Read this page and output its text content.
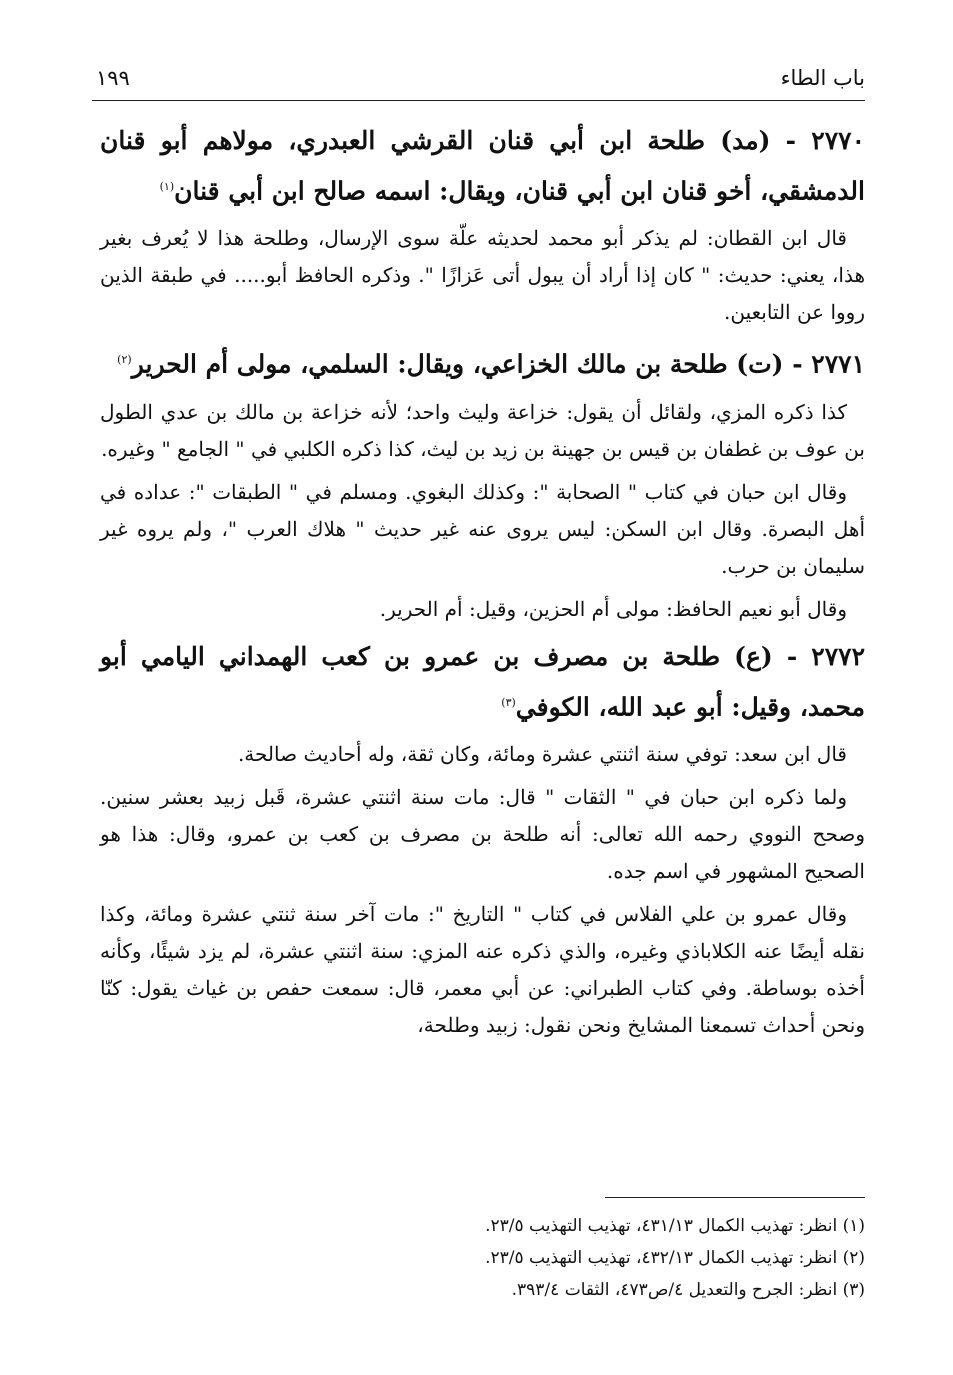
باب الطاء
١٩٩
٢٧٧٠ - (مد) طلحة ابن أبي قنان القرشي العبدري، مولاهم أبو قنان الدمشقي، أخو قنان ابن أبي قنان، ويقال: اسمه صالح ابن أبي قنان$^{(١)}$

قال ابن القطان: لم يذكر أبو محمد لحديثه علّة سوى الإرسال، وطلحة هذا لا يُعرف بغير هذا، يعني: حديث: " كان إذا أراد أن يبول أتى عَزازًا ". وذكره الحافظ أبو..... في طبقة الذين رووا عن التابعين.

٢٧٧١ - (ت) طلحة بن مالك الخزاعي، ويقال: السلمي، مولى أم الحرير$^{(٢)}$

كذا ذكره المزي، ولقائل أن يقول: خزاعة وليث واحد؛ لأنه خزاعة بن مالك بن عدي الطول بن عوف بن غطفان بن قيس بن جهينة بن زيد بن ليث، كذا ذكره الكلبي في " الجامع " وغيره.

وقال ابن حبان في كتاب " الصحابة ": وكذلك البغوي. ومسلم في " الطبقات ": عداده في أهل البصرة. وقال ابن السكن: ليس يروى عنه غير حديث " هلاك العرب "، ولم يروه غير سليمان بن حرب.

وقال أبو نعيم الحافظ: مولى أم الحزين، وقيل: أم الحرير.

٢٧٧٢ - (ع) طلحة بن مصرف بن عمرو بن كعب الهمداني اليامي أبو محمد، وقيل: أبو عبد الله، الكوفي$^{(٣)}$

قال ابن سعد: توفي سنة اثنتي عشرة ومائة، وكان ثقة، وله أحاديث صالحة.

ولما ذكره ابن حبان في " الثقات " قال: مات سنة اثنتي عشرة، قَبل زبيد بعشر سنين. وصحح النووي رحمه الله تعالى: أنه طلحة بن مصرف بن كعب بن عمرو، وقال: هذا هو الصحيح المشهور في اسم جده.

وقال عمرو بن علي الفلاس في كتاب " التاريخ ": مات آخر سنة ثنتي عشرة ومائة، وكذا نقله أيضًا عنه الكلاباذي وغيره، والذي ذكره عنه المزي: سنة اثنتي عشرة، لم يزد شيئًا، وكأنه أخذه بوساطة. وفي كتاب الطبراني: عن أبي معمر، قال: سمعت حفص بن غياث يقول: كنّا ونحن أحداث تسمعنا المشايخ ونحن نقول: زبيد وطلحة،

(١) انظر: تهذيب الكمال ٤٣١/١٣، تهذيب التهذيب ٢٣/٥.

(٢) انظر: تهذيب الكمال ٤٣٢/١٣، تهذيب التهذيب ٢٣/٥.

(٣) انظر: الجرح والتعديل ٤/ص٤٧٣، الثقات ٣٩٣/٤.
